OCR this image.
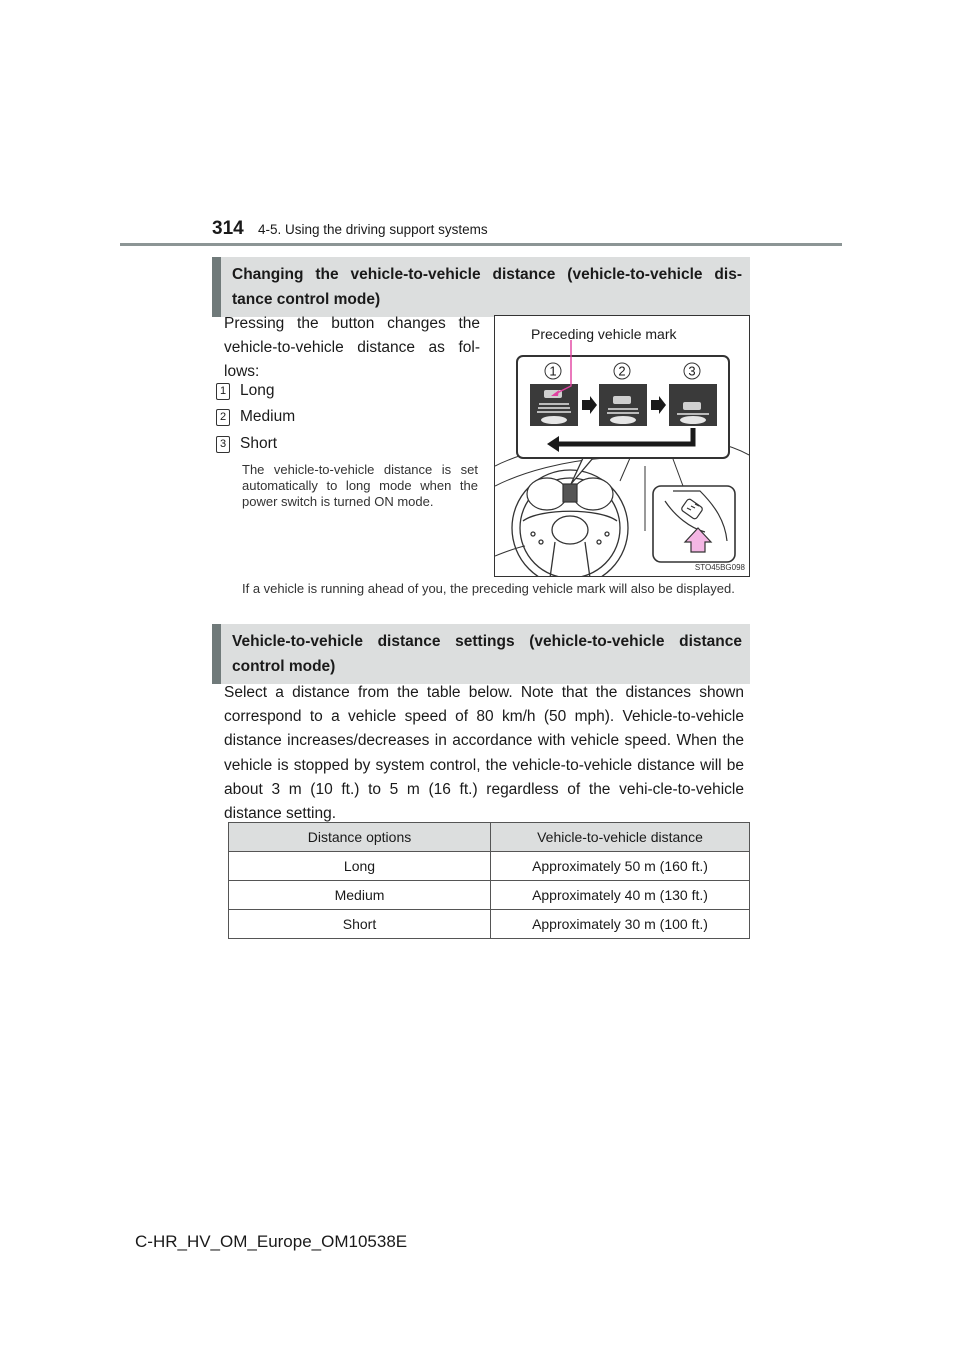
314 4-5. Using the driving support systems
Changing the vehicle-to-vehicle distance (vehicle-to-vehicle dis-tance control mode)
Pressing the button changes the vehicle-to-vehicle distance as fol-lows:
1 Long
2 Medium
3 Short
The vehicle-to-vehicle distance is set automatically to long mode when the power switch is turned ON mode.
1	2	3
Preceding vehicle mark
STO45BG098
If a vehicle is running ahead of you, the preceding vehicle mark will also be displayed.
Vehicle-to-vehicle distance settings (vehicle-to-vehicle distance control mode)
Select a distance from the table below. Note that the distances shown correspond to a vehicle speed of 80 km/h (50 mph). Vehicle-to-vehicle distance increases/decreases in accordance with vehicle speed. When the vehicle is stopped by system control, the vehicle-to-vehicle distance will be about 3 m (10 ft.) to 5 m (16 ft.) regardless of the vehi-cle-to-vehicle distance setting.
Distance options	Vehicle-to-vehicle distance
Long	Approximately 50 m (160 ft.)
Medium	Approximately 40 m (130 ft.)
Short	Approximately 30 m (100 ft.)
C-HR_HV_OM_Europe_OM10538E
